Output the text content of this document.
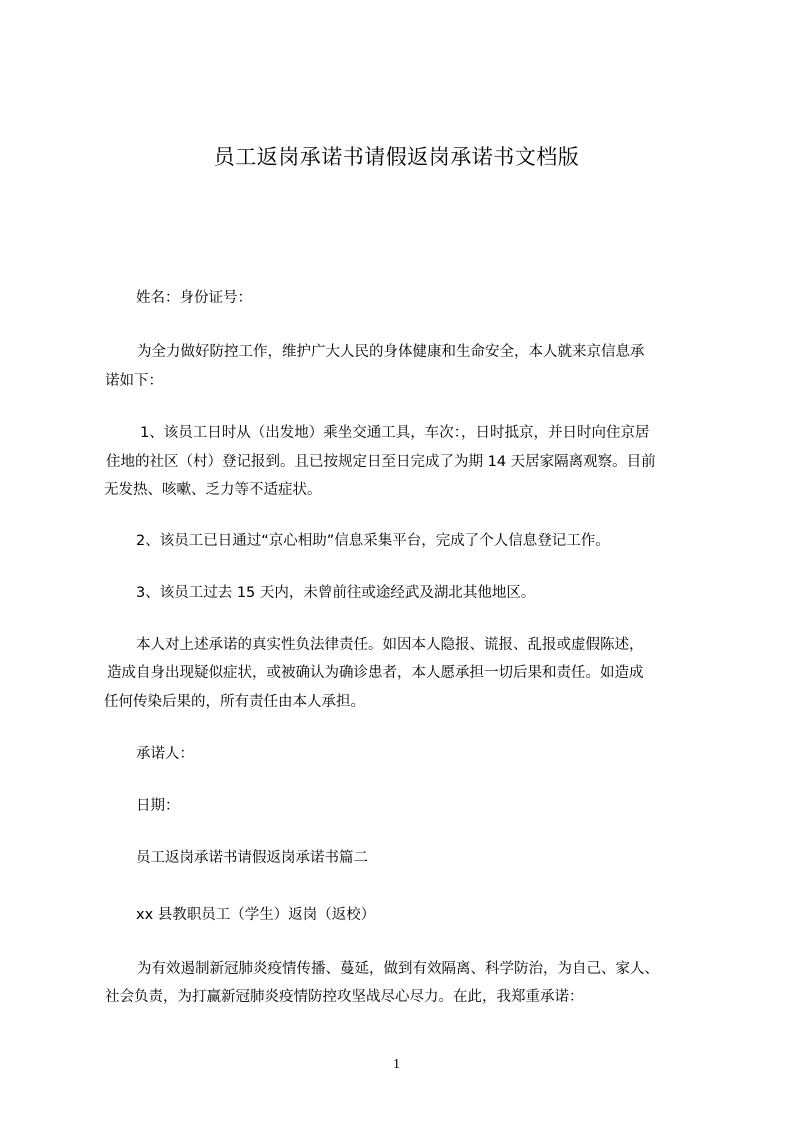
员工返岗承诺书请假返岗承诺书文档版
姓名：身份证号：
为全力做好防控工作，维护广大人民的身体健康和生命安全，本人就来京信息承
诺如下：
1、该员工日时从（出发地）乘坐交通工具，车次：，日时抵京，并日时向住京居
住地的社区（村）登记报到。且已按规定日至日完成了为期 14 天居家隔离观察。目前
无发热、咳嗽、乏力等不适症状。
2、该员工已日通过“京心相助”信息采集平台，完成了个人信息登记工作。
3、该员工过去 15 天内，未曾前往或途经武及湖北其他地区。
本人对上述承诺的真实性负法律责任。如因本人隐报、谎报、乱报或虚假陈述，
造成自身出现疑似症状，或被确认为确诊患者，本人愿承担一切后果和责任。如造成
任何传染后果的，所有责任由本人承担。
承诺人：
日期：
员工返岗承诺书请假返岗承诺书篇二
xx 县教职员工（学生）返岗（返校）
为有效遏制新冠肺炎疫情传播、蔓延，做到有效隔离、科学防治，为自己、家人、
社会负责，为打赢新冠肺炎疫情防控攻坚战尽心尽力。在此，我郑重承诺：
1
